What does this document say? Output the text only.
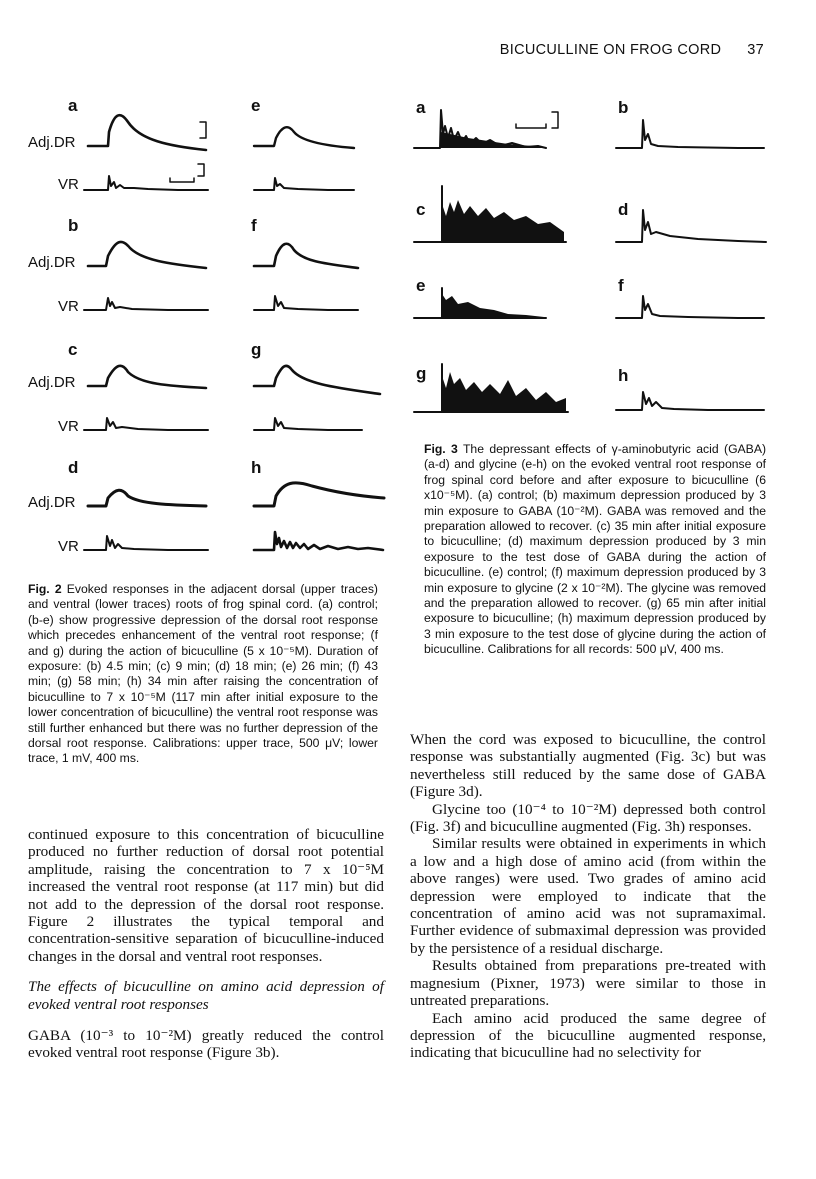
BICUCULLINE ON FROG CORD 37
a
b
c
d
e
f
g
h
Adj.DR
VR
Adj.DR
VR
Adj.DR
VR
Adj.DR
VR
Fig. 2 Evoked responses in the adjacent dorsal (upper traces) and ventral (lower traces) roots of frog spinal cord. (a) control; (b-e) show progressive depression of the dorsal root response which precedes enhancement of the ventral root response; (f and g) during the action of bicuculline (5 x 10⁻⁵M). Duration of exposure: (b) 4.5 min; (c) 9 min; (d) 18 min; (e) 26 min; (f) 43 min; (g) 58 min; (h) 34 min after raising the concentration of bicuculline to 7 x 10⁻⁵M (117 min after initial exposure to the lower concentration of bicuculline) the ventral root response was still further enhanced but there was no further depression of the dorsal root response. Calibrations: upper trace, 500 μV; lower trace, 1 mV, 400 ms.
a	b
c	d
e	f
g	h
Fig. 3 The depressant effects of γ-aminobutyric acid (GABA) (a-d) and glycine (e-h) on the evoked ventral root response of frog spinal cord before and after exposure to bicuculline (6 x10⁻⁵M). (a) control; (b) maximum depression produced by 3 min exposure to GABA (10⁻²M). GABA was removed and the preparation allowed to recover. (c) 35 min after initial exposure to bicuculline; (d) maximum depression produced by 3 min exposure to the test dose of GABA during the action of bicuculline. (e) control; (f) maximum depression produced by 3 min exposure to glycine (2 x 10⁻²M). The glycine was removed and the preparation allowed to recover. (g) 65 min after initial exposure to bicuculline; (h) maximum depression produced by 3 min exposure to the test dose of glycine during the action of bicuculline. Calibrations for all records: 500 μV, 400 ms.

continued exposure to this concentration of bicuculline produced no further reduction of dorsal root potential amplitude, raising the concentration to 7 x 10⁻⁵M increased the ventral root response (at 117 min) but did not add to the depression of the dorsal root response. Figure 2 illustrates the typical temporal and concentration-sensitive separation of bicuculline-induced changes in the dorsal and ventral root responses.

The effects of bicuculline on amino acid depression of evoked ventral root responses

GABA (10⁻³ to 10⁻²M) greatly reduced the control evoked ventral root response (Figure 3b).

When the cord was exposed to bicuculline, the control response was substantially augmented (Fig. 3c) but was nevertheless still reduced by the same dose of GABA (Figure 3d).

Glycine too (10⁻⁴ to 10⁻²M) depressed both control (Fig. 3f) and bicuculline augmented (Fig. 3h) responses.

Similar results were obtained in experiments in which a low and a high dose of amino acid (from within the above ranges) were used. Two grades of amino acid depression were employed to indicate that the concentration of amino acid was not supramaximal. Further evidence of submaximal depression was provided by the persistence of a residual discharge.

Results obtained from preparations pre-treated with magnesium (Pixner, 1973) were similar to those in untreated preparations.

Each amino acid produced the same degree of depression of the bicuculline augmented response, indicating that bicuculline had no selectivity for
